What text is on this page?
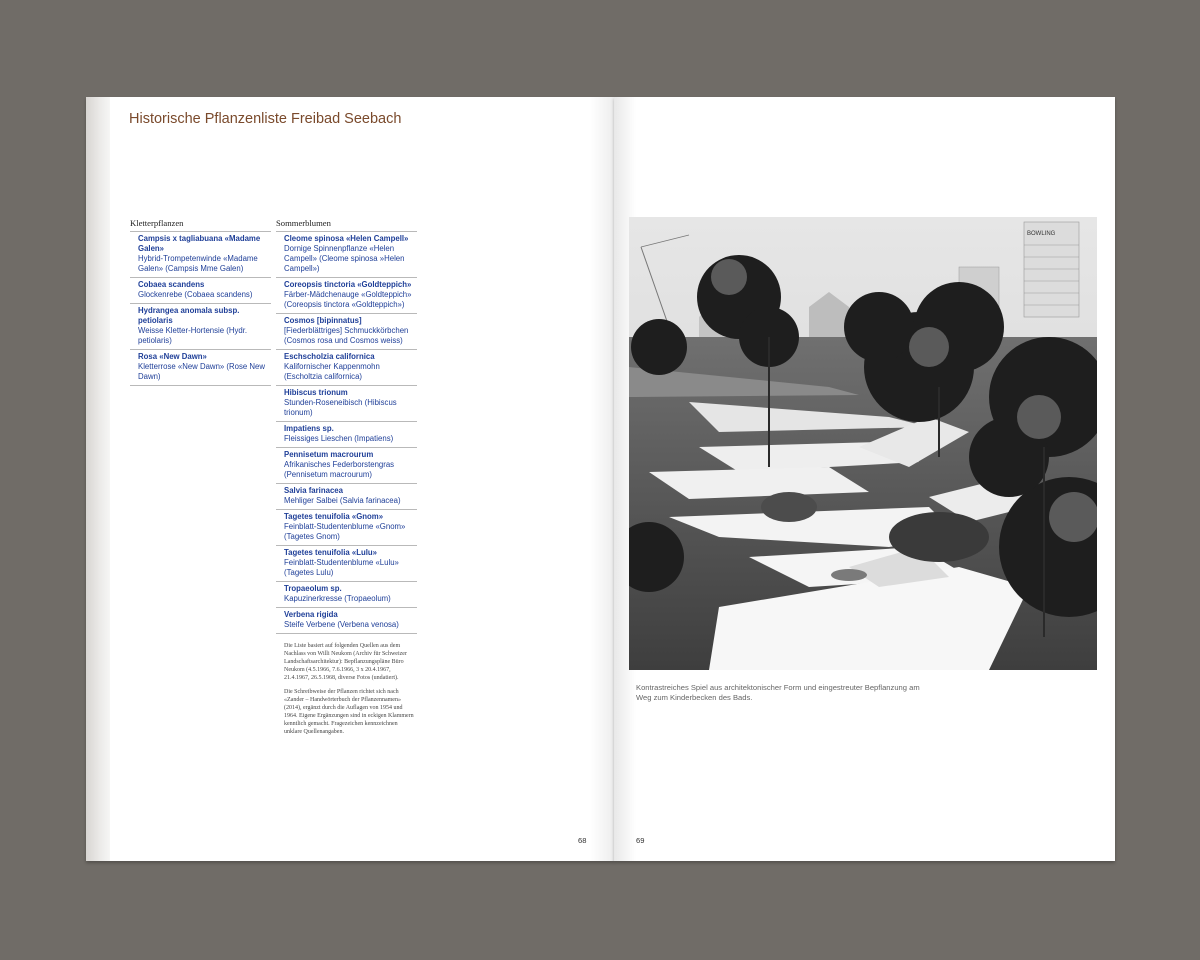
Historische Pflanzenliste Freibad Seebach
Kletterpflanzen
Campsis x tagliabuana «Madame Galen»
Hybrid-Trompetenwinde «Madame Galen» (Campsis Mme Galen)
Cobaea scandens
Glockenrebe (Cobaea scandens)
Hydrangea anomala subsp. petiolaris
Weisse Kletter-Hortensie (Hydr. petiolaris)
Rosa «New Dawn»
Kletterrose «New Dawn» (Rose New Dawn)
Sommerblumen
Cleome spinosa «Helen Campell»
Dornige Spinnenpflanze «Helen Campell» (Cleome spinosa »Helen Campell»)
Coreopsis tinctoria «Goldteppich»
Färber-Mädchenauge «Goldteppich» (Coreopsis tinctora «Goldteppich»)
Cosmos [bipinnatus]
[Fiederblättriges] Schmuckkörbchen (Cosmos rosa und Cosmos weiss)
Eschscholzia californica
Kalifornischer Kappenmohn (Escholtzia californica)
Hibiscus trionum
Stunden-Roseneibisch (Hibiscus trionum)
Impatiens sp.
Fleissiges Lieschen (Impatiens)
Pennisetum macrourum
Afrikanisches Federborstengras (Pennisetum macrourum)
Salvia farinacea
Mehliger Salbei (Salvia farinacea)
Tagetes tenuifolia «Gnom»
Feinblatt-Studentenblume «Gnom» (Tagetes Gnom)
Tagetes tenuifolia «Lulu»
Feinblatt-Studentenblume «Lulu» (Tagetes Lulu)
Tropaeolum sp.
Kapuzinerkresse (Tropaeolum)
Verbena rigida
Steife Verbene (Verbena venosa)

Die Liste basiert auf folgenden Quellen aus dem Nachlass von Willi Neukom (Archiv für Schweizer Landschaftsarchitektur): Bepflanzungspläne Büro Neukom (4.5.1966, 7.6.1966, 3 x 20.4.1967, 21.4.1967, 26.5.1968, diverse Fotos (undatiert).

Die Schreibweise der Pflanzen richtet sich nach «Zander – Handwörterbuch der Pflanzennamen» (2014), ergänzt durch die Auflagen von 1954 und 1964. Eigene Ergänzungen sind in eckigen Klammern kenntlich gemacht. Fragezeichen kennzeichnen unklare Quellenangaben.

68
BOWLING
Kontrastreiches Spiel aus architektonischer Form und eingestreuter Bepflanzung am Weg zum Kinderbecken des Bads.
69
